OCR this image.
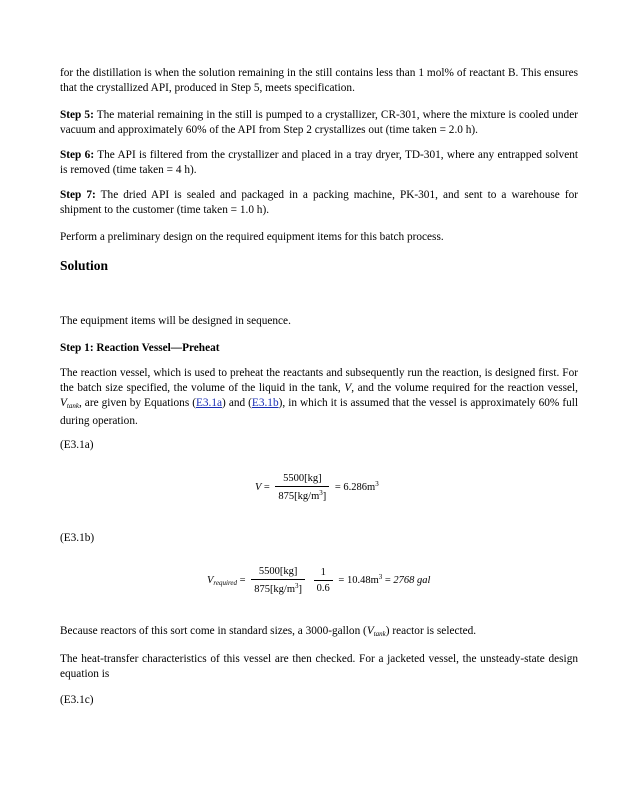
for the distillation is when the solution remaining in the still contains less than 1 mol% of reactant B. This ensures that the crystallized API, produced in Step 5, meets specification.

Step 5: The material remaining in the still is pumped to a crystallizer, CR-301, where the mixture is cooled under vacuum and approximately 60% of the API from Step 2 crystallizes out (time taken = 2.0 h).

Step 6: The API is filtered from the crystallizer and placed in a tray dryer, TD-301, where any entrapped solvent is removed (time taken = 4 h).

Step 7: The dried API is sealed and packaged in a packing machine, PK-301, and sent to a warehouse for shipment to the customer (time taken = 1.0 h).

Perform a preliminary design on the required equipment items for this batch process.

Solution

The equipment items will be designed in sequence.

Step 1: Reaction Vessel—Preheat

The reaction vessel, which is used to preheat the reactants and subsequently run the reaction, is designed first. For the batch size specified, the volume of the liquid in the tank, V, and the volume required for the reaction vessel, $V_{tank}$, are given by Equations (E3.1a) and (E3.1b), in which it is assumed that the vessel is approximately 60% full during operation.

(E3.1a)

$V = \frac{5500[kg]}{875[kg/m^3]} = 6.286m^3$

(E3.1b)

$V_{required} = \frac{5500[kg]}{875[kg/m^3]}$
$\frac{1}{0.6} = 10.48m^3 = 2768$ gal

Because reactors of this sort come in standard sizes, a 3000-gallon $(V_{tank})$ reactor is selected.

The heat-transfer characteristics of this vessel are then checked. For a jacketed vessel, the unsteady-state design equation is

(E3.1c)
